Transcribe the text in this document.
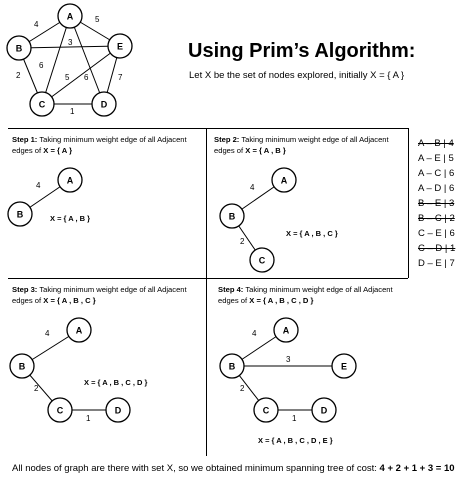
4
5
3
6
6
2	5	7
1
A
B	E
C	D
Using Prim’s Algorithm:
Let X be the set of nodes explored, initially X = { A }
Step 1: Taking minimum weight edge of all Adjacent edges of X = { A }
4	A
B	X = { A , B }
Step 2: Taking minimum weight edge of all Adjacent edges of X = { A , B }
4
2
A
B
C
X = { A , B , C }
A – B | 4
A – E | 5
A – C | 6
A – D | 6
B – E | 3
B – C | 2
C – E | 6
C – D | 1
D – E | 7
Step 3: Taking minimum weight edge of all Adjacent edges of X = { A , B , C }
4
2
1
A
B
C	D
X = { A , B , C , D }
Step 4: Taking minimum weight edge of all Adjacent edges of X = { A , B , C , D }
4
3
2
1
A
B	E
C	D
X = { A , B , C , D , E }
All nodes of graph are there with set X, so we obtained minimum spanning tree of cost: 4 + 2 + 1 + 3 = 10
